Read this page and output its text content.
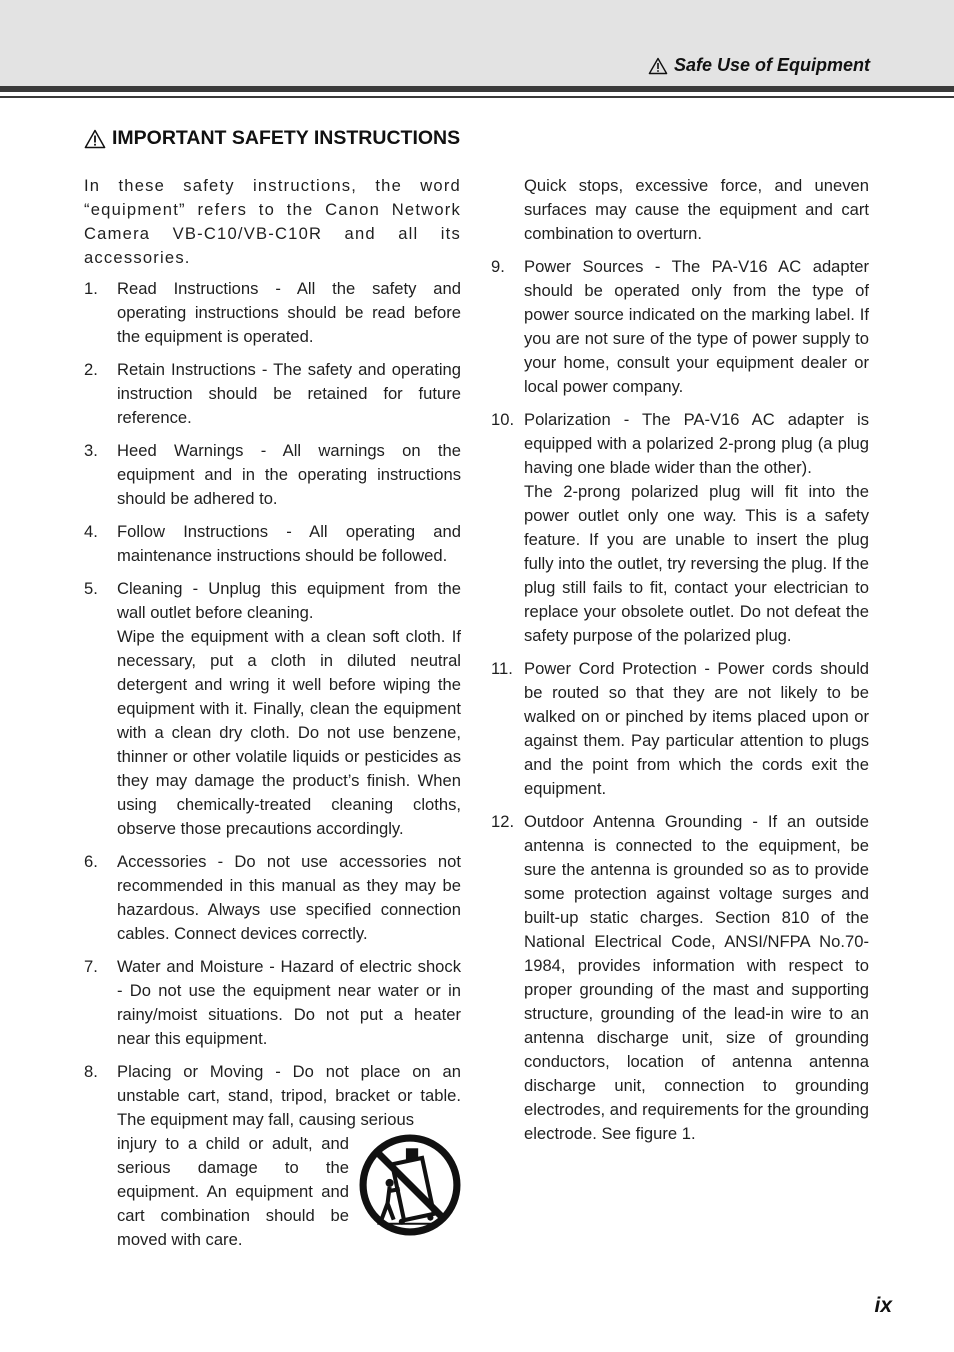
Safe Use of Equipment
IMPORTANT SAFETY INSTRUCTIONS

In these safety instructions, the word “equipment” refers to the Canon Network Camera VB-C10/VB-C10R and all its accessories.

1.	Read Instructions - All the safety and operating instructions should be read before the equipment is operated.

2.	Retain Instructions - The safety and operating instruction should be retained for future reference.

3.	Heed Warnings - All warnings on the equipment and in the operating instructions should be adhered to.

4.	Follow Instructions - All operating and maintenance instructions should be followed.

5.	Cleaning - Unplug this equipment from the wall outlet before cleaning.

Wipe the equipment with a clean soft cloth. If necessary, put a cloth in diluted neutral detergent and wring it well before wiping the equipment with it. Finally, clean the equipment with a clean dry cloth. Do not use benzene, thinner or other volatile liquids or pesticides as they may damage the product’s finish. When using chemically-treated cleaning cloths, observe those precautions accordingly.

6.	Accessories - Do not use accessories not recommended in this manual as they may be hazardous. Always use specified connection cables. Connect devices correctly.

7.	Water and Moisture - Hazard of electric shock - Do not use the equipment near water or in rainy/moist situations. Do not put a heater near this equipment.

8.	Placing or Moving - Do not place on an unstable cart, stand, tripod, bracket or table. The equipment may fall, causing serious

injury to a child or adult, and serious damage to the equipment. An equipment and cart combination should be moved with care.

Quick stops, excessive force, and uneven surfaces may cause the equipment and cart combination to overturn.

9.	Power Sources - The PA-V16 AC adapter should be operated only from the type of power source indicated on the marking label. If you are not sure of the type of power supply to your home, consult your equipment dealer or local power company.

10. Polarization - The PA-V16 AC adapter is equipped with a polarized 2-prong plug (a plug having one blade wider than the other).

The 2-prong polarized plug will fit into the power outlet only one way. This is a safety feature. If you are unable to insert the plug fully into the outlet, try reversing the plug. If the plug still fails to fit, contact your electrician to replace your obsolete outlet. Do not defeat the safety purpose of the polarized plug.

11. Power Cord Protection - Power cords should be routed so that they are not likely to be walked on or pinched by items placed upon or against them. Pay particular attention to plugs and the point from which the cords exit the equipment.

12. Outdoor Antenna Grounding - If an outside antenna is connected to the equipment, be sure the antenna is grounded so as to provide some protection against voltage surges and built-up static charges. Section 810 of the National Electrical Code, ANSI/NFPA No.70-1984, provides information with respect to proper grounding of the mast and supporting structure, grounding of the lead-in wire to an antenna discharge unit, size of grounding conductors, location of antenna antenna discharge unit, connection to grounding electrodes, and requirements for the grounding electrode. See figure 1.

ix
